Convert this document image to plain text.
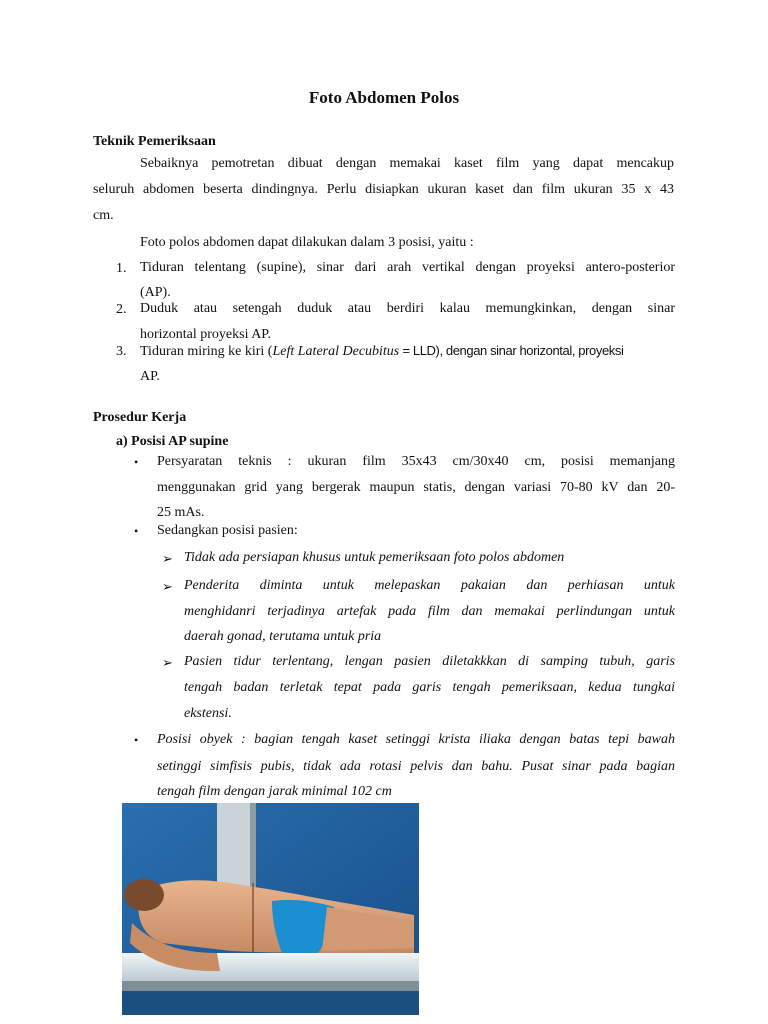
Foto Abdomen Polos
Teknik Pemeriksaan
Sebaiknya pemotretan dibuat dengan memakai kaset film yang dapat mencakup
seluruh abdomen beserta dindingnya. Perlu disiapkan ukuran kaset dan film ukuran 35 x 43
cm.
Foto polos abdomen dapat dilakukan dalam 3 posisi, yaitu :
1. Tiduran telentang (supine), sinar dari arah vertikal dengan proyeksi antero-posterior
(AP).
2. Duduk atau setengah duduk atau berdiri kalau memungkinkan, dengan sinar
horizontal proyeksi AP.
3. Tiduran miring ke kiri (Left Lateral Decubitus = LLD), dengan sinar horizontal, proyeksi
AP.
Prosedur Kerja
a) Posisi AP supine
• Persyaratan teknis : ukuran film 35x43 cm/30x40 cm, posisi memanjang
menggunakan grid yang bergerak maupun statis, dengan variasi 70-80 kV dan 20-
25 mAs.
• Sedangkan posisi pasien:
➢ Tidak ada persiapan khusus untuk pemeriksaan foto polos abdomen
➢ Penderita diminta untuk melepaskan pakaian dan perhiasan untuk
menghidanri terjadinya artefak pada film dan memakai perlindungan untuk
daerah gonad, terutama untuk pria
➢ Pasien tidur terlentang, lengan pasien diletakkkan di samping tubuh, garis
tengah badan terletak tepat pada garis tengah pemeriksaan, kedua tungkai
ekstensi.
• Posisi obyek : bagian tengah kaset setinggi krista iliaka dengan batas tepi bawah
setinggi simfisis pubis, tidak ada rotasi pelvis dan bahu. Pusat sinar pada bagian
tengah film dengan jarak minimal 102 cm
